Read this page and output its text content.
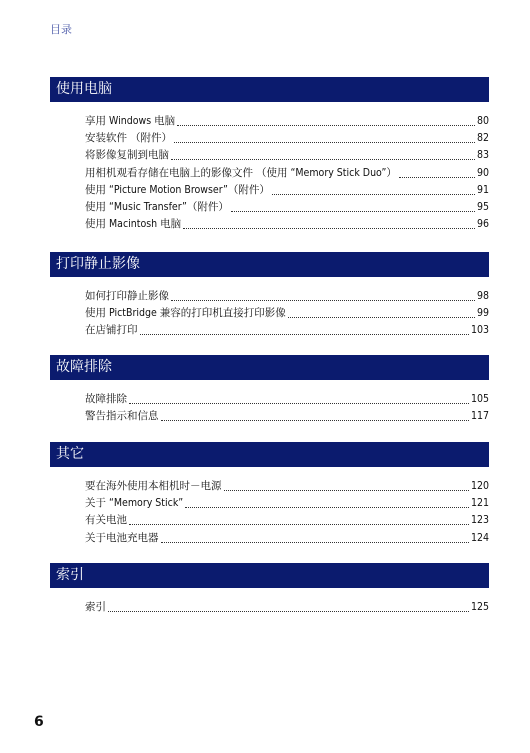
目录
使用电脑
享用 Windows 电脑	80
安装软件 （附件）	82
将影像复制到电脑	83
用相机观看存储在电脑上的影像文件 （使用 “Memory Stick Duo”）	90
使用 “Picture Motion Browser”（附件）	91
使用 “Music Transfer”（附件）	95
使用 Macintosh 电脑	96
打印静止影像
如何打印静止影像	98
使用 PictBridge 兼容的打印机直接打印影像	99
在店铺打印	103
故障排除
故障排除	105
警告指示和信息	117
其它
要在海外使用本相机时－电源	120
关于 “Memory Stick”	121
有关电池	123
关于电池充电器	124
索引
索引	125
6
